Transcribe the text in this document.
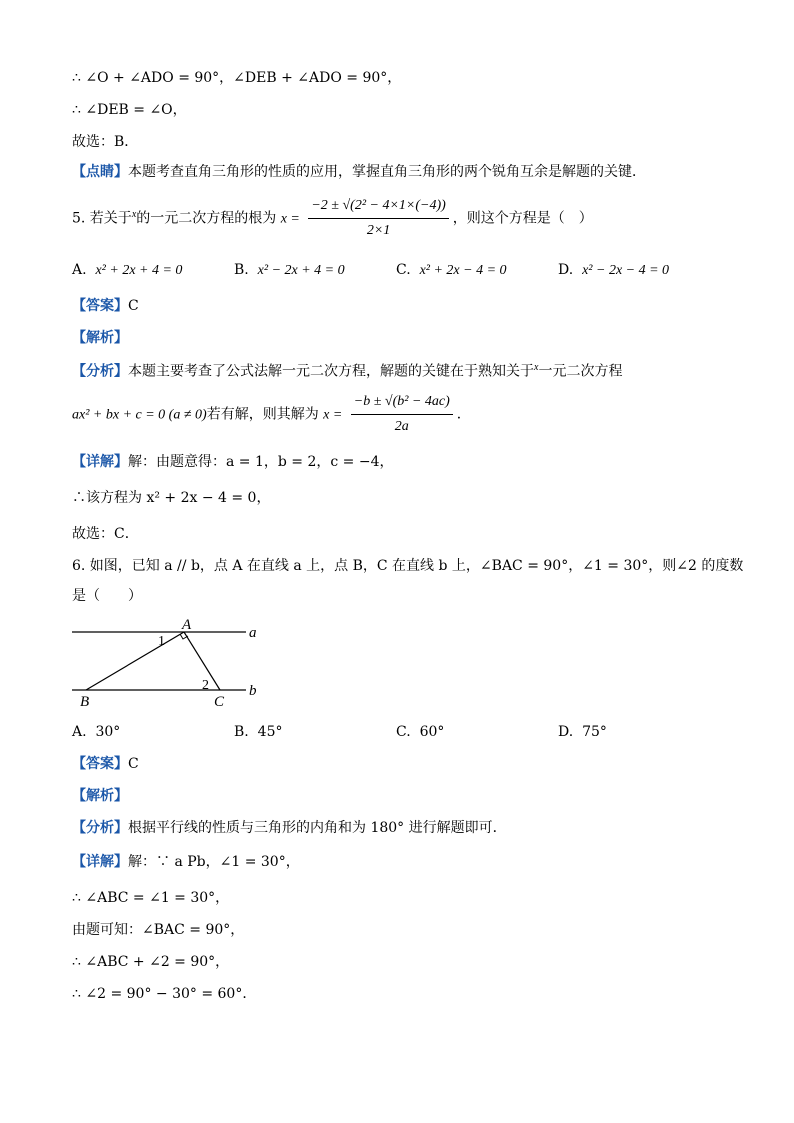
∴ ∠O + ∠ADO = 90°，∠DEB + ∠ADO = 90°，
∴ ∠DEB = ∠O，
故选：B．
【点睛】本题考查直角三角形的性质的应用，掌握直角三角形的两个锐角互余是解题的关键．
5. 若关于$^x$的一元二次方程的根为 $x = \frac{\text{−2 ± √(2² − 4×1×(−4))}}{2\times 1}$ ，则这个方程是（　）
A. x² + 2x + 4 = 0	B. x² − 2x + 4 = 0	C. x² + 2x − 4 = 0	D. x² − 2x − 4 = 0
【答案】C
【解析】
【分析】本题主要考查了公式法解一元二次方程，解题的关键在于熟知关于$^x$一元二次方程
ax² + bx + c = 0 (a ≠ 0)若有解，则其解为 $x = \frac{\text{−b ± √(b² − 4ac)}}{2a}$ ．
【详解】解：由题意得：a = 1，b = 2，c = −4，
∴该方程为 x² + 2x − 4 = 0，
故选：C．
6. 如图，已知 a // b，点 A 在直线 a 上，点 B，C 在直线 b 上，∠BAC = 90°，∠1 = 30°，则∠2 的度数
是（　　）
A
B	C
a
b
1
2
A. 30°	B. 45°	C. 60°	D. 75°
【答案】C
【解析】
【分析】根据平行线的性质与三角形的内角和为 180° 进行解题即可．
【详解】解：∵ a Pb，∠1 = 30°，
∴ ∠ABC = ∠1 = 30°，
由题可知：∠BAC = 90°，
∴ ∠ABC + ∠2 = 90°，
∴ ∠2 = 90° − 30° = 60°．
